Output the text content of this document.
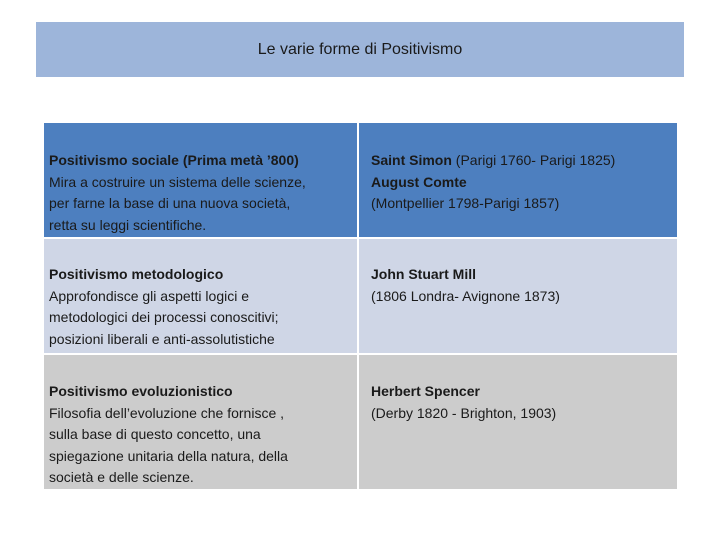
Le varie forme di Positivismo
Positivismo sociale (Prima metà ’800)
Mira a costruire un sistema delle scienze,
per farne la base di una nuova società,
retta su leggi scientifiche.	Saint Simon (Parigi 1760- Parigi 1825)
August Comte
(Montpellier 1798-Parigi 1857)

Positivismo metodologico
Approfondisce gli aspetti logici e
metodologici dei processi conoscitivi;
posizioni liberali e anti-assolutistiche	John Stuart Mill
(1806 Londra- Avignone 1873)

Positivismo evoluzionistico
Filosofia dell’evoluzione che fornisce ,
sulla base di questo concetto, una
spiegazione unitaria della natura, della
società e delle scienze.	Herbert Spencer
(Derby 1820 - Brighton, 1903)
